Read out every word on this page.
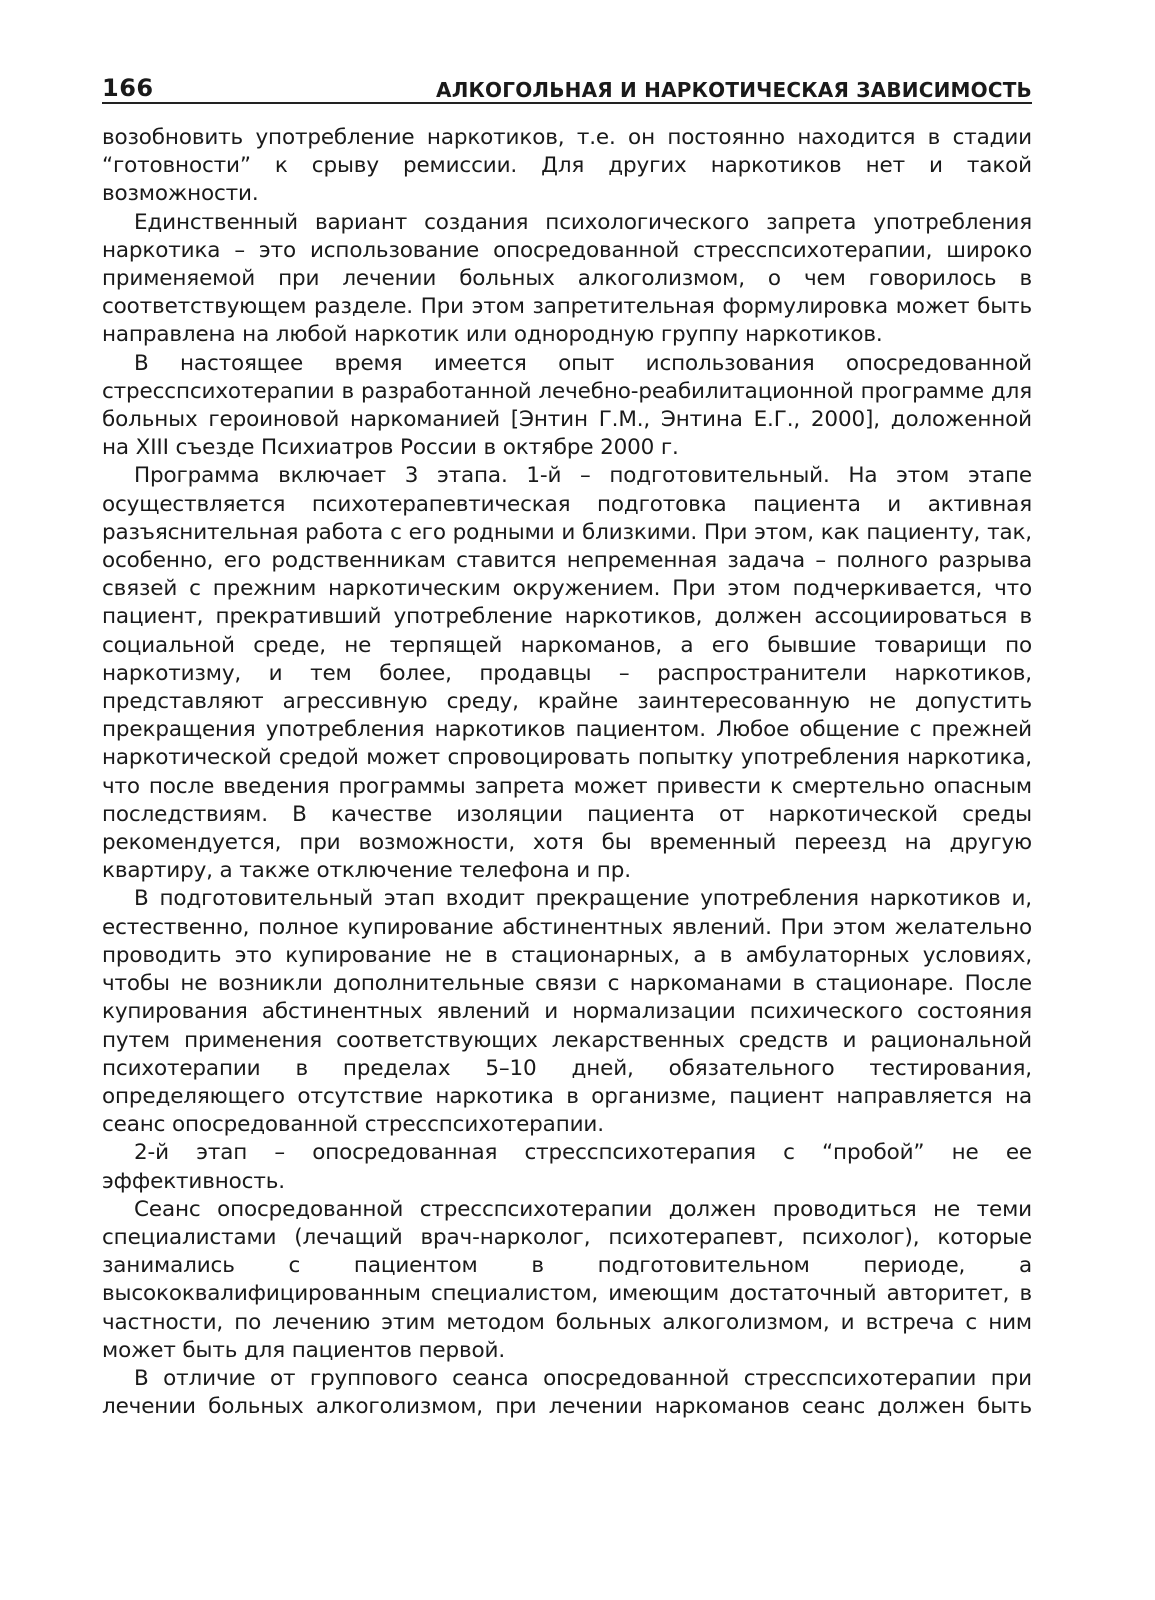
166	АЛКОГОЛЬНАЯ И НАРКОТИЧЕСКАЯ ЗАВИСИМОСТЬ

возобновить употребление наркотиков, т.е. он постоянно находится в стадии “готовности” к срыву ремиссии. Для других наркотиков нет и такой возможности.

Единственный вариант создания психологического запрета употребления наркотика – это использование опосредованной стресспсихотерапии, широко применяемой при лечении больных алкоголизмом, о чем говорилось в соответствующем разделе. При этом запретительная формулировка может быть направлена на любой наркотик или однородную группу наркотиков.

В настоящее время имеется опыт использования опосредованной стресспсихотерапии в разработанной лечебно-реабилитационной программе для больных героиновой наркоманией [Энтин Г.М., Энтина Е.Г., 2000], доложенной на XIII съезде Психиатров России в октябре 2000 г.

Программа включает 3 этапа. 1-й – подготовительный. На этом этапе осуществляется психотерапевтическая подготовка пациента и активная разъяснительная работа с его родными и близкими. При этом, как пациенту, так, особенно, его родственникам ставится непременная задача – полного разрыва связей с прежним наркотическим окружением. При этом подчеркивается, что пациент, прекративший употребление наркотиков, должен ассоциироваться в социальной среде, не терпящей наркоманов, а его бывшие товарищи по наркотизму, и тем более, продавцы – распространители наркотиков, представляют агрессивную среду, крайне заинтересованную не допустить прекращения употребления наркотиков пациентом. Любое общение с прежней наркотической средой может спровоцировать попытку употребления наркотика, что после введения программы запрета может привести к смертельно опасным последствиям. В качестве изоляции пациента от наркотической среды рекомендуется, при возможности, хотя бы временный переезд на другую квартиру, а также отключение телефона и пр.

В подготовительный этап входит прекращение употребления наркотиков и, естественно, полное купирование абстинентных явлений. При этом желательно проводить это купирование не в стационарных, а в амбулаторных условиях, чтобы не возникли дополнительные связи с наркоманами в стационаре. После купирования абстинентных явлений и нормализации психического состояния путем применения соответствующих лекарственных средств и рациональной психотерапии в пределах 5–10 дней, обязательного тестирования, определяющего отсутствие наркотика в организме, пациент направляется на сеанс опосредованной стресспсихотерапии.

2-й этап – опосредованная стресспсихотерапия с “пробой” не ее эффективность.

Сеанс опосредованной стресспсихотерапии должен проводиться не теми специалистами (лечащий врач-нарколог, психотерапевт, психолог), которые занимались с пациентом в подготовительном периоде, а высококвалифицированным специалистом, имеющим достаточный авторитет, в частности, по лечению этим методом больных алкоголизмом, и встреча с ним может быть для пациентов первой.

В отличие от группового сеанса опосредованной стресспсихотерапии при лечении больных алкоголизмом, при лечении наркоманов сеанс должен быть
